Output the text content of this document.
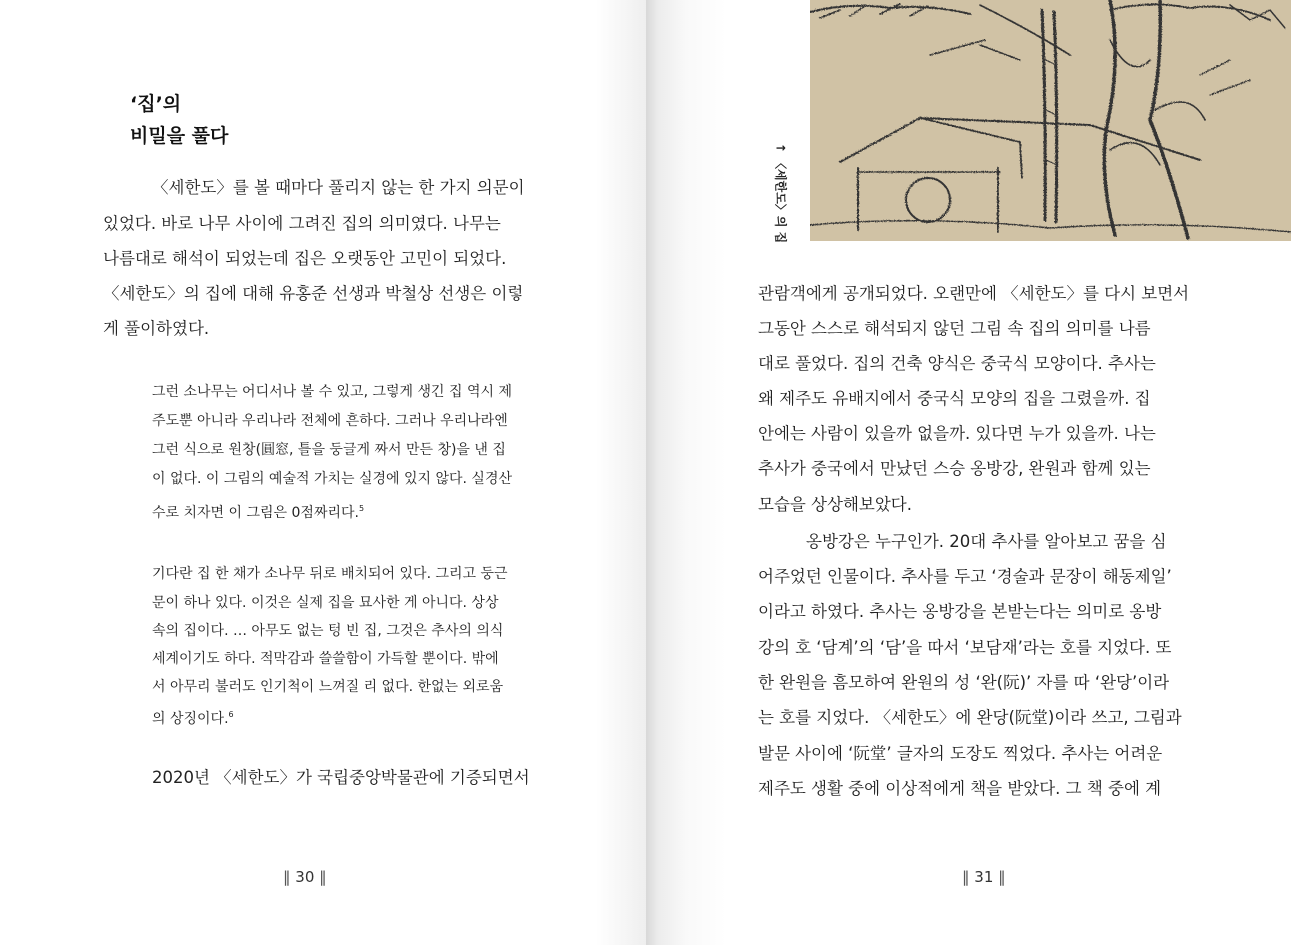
‘집’의
비밀을 풀다
〈세한도〉를 볼 때마다 풀리지 않는 한 가지 의문이
있었다. 바로 나무 사이에 그려진 집의 의미였다. 나무는
나름대로 해석이 되었는데 집은 오랫동안 고민이 되었다.
〈세한도〉의 집에 대해 유홍준 선생과 박철상 선생은 이렇
게 풀이하였다.
그런 소나무는 어디서나 볼 수 있고, 그렇게 생긴 집 역시 제
주도뿐 아니라 우리나라 전체에 흔하다. 그러나 우리나라엔
그런 식으로 원창(圓窓, 틀을 둥글게 짜서 만든 창)을 낸 집
이 없다. 이 그림의 예술적 가치는 실경에 있지 않다. 실경산
수로 치자면 이 그림은 0점짜리다.$^5$
기다란 집 한 채가 소나무 뒤로 배치되어 있다. 그리고 둥근
문이 하나 있다. 이것은 실제 집을 묘사한 게 아니다. 상상
속의 집이다. … 아무도 없는 텅 빈 집, 그것은 추사의 의식
세계이기도 하다. 적막감과 쓸쓸함이 가득할 뿐이다. 밖에
서 아무리 불러도 인기척이 느껴질 리 없다. 한없는 외로움
의 상징이다.$^6$
2020년 〈세한도〉가 국립중앙박물관에 기증되면서
‖ 30 ‖
↑ 〈세한도〉의 집
관람객에게 공개되었다. 오랜만에 〈세한도〉를 다시 보면서
그동안 스스로 해석되지 않던 그림 속 집의 의미를 나름
대로 풀었다. 집의 건축 양식은 중국식 모양이다. 추사는
왜 제주도 유배지에서 중국식 모양의 집을 그렸을까. 집
안에는 사람이 있을까 없을까. 있다면 누가 있을까. 나는
추사가 중국에서 만났던 스승 옹방강, 완원과 함께 있는
모습을 상상해보았다.
옹방강은 누구인가. 20대 추사를 알아보고 꿈을 심
어주었던 인물이다. 추사를 두고 ‘경술과 문장이 해동제일’
이라고 하였다. 추사는 옹방강을 본받는다는 의미로 옹방
강의 호 ‘담계’의 ‘담’을 따서 ‘보담재’라는 호를 지었다. 또
한 완원을 흠모하여 완원의 성 ‘완(阮)’ 자를 따 ‘완당’이라
는 호를 지었다. 〈세한도〉에 완당(阮堂)이라 쓰고, 그림과
발문 사이에 ‘阮堂’ 글자의 도장도 찍었다. 추사는 어려운
제주도 생활 중에 이상적에게 책을 받았다. 그 책 중에 계
‖ 31 ‖
